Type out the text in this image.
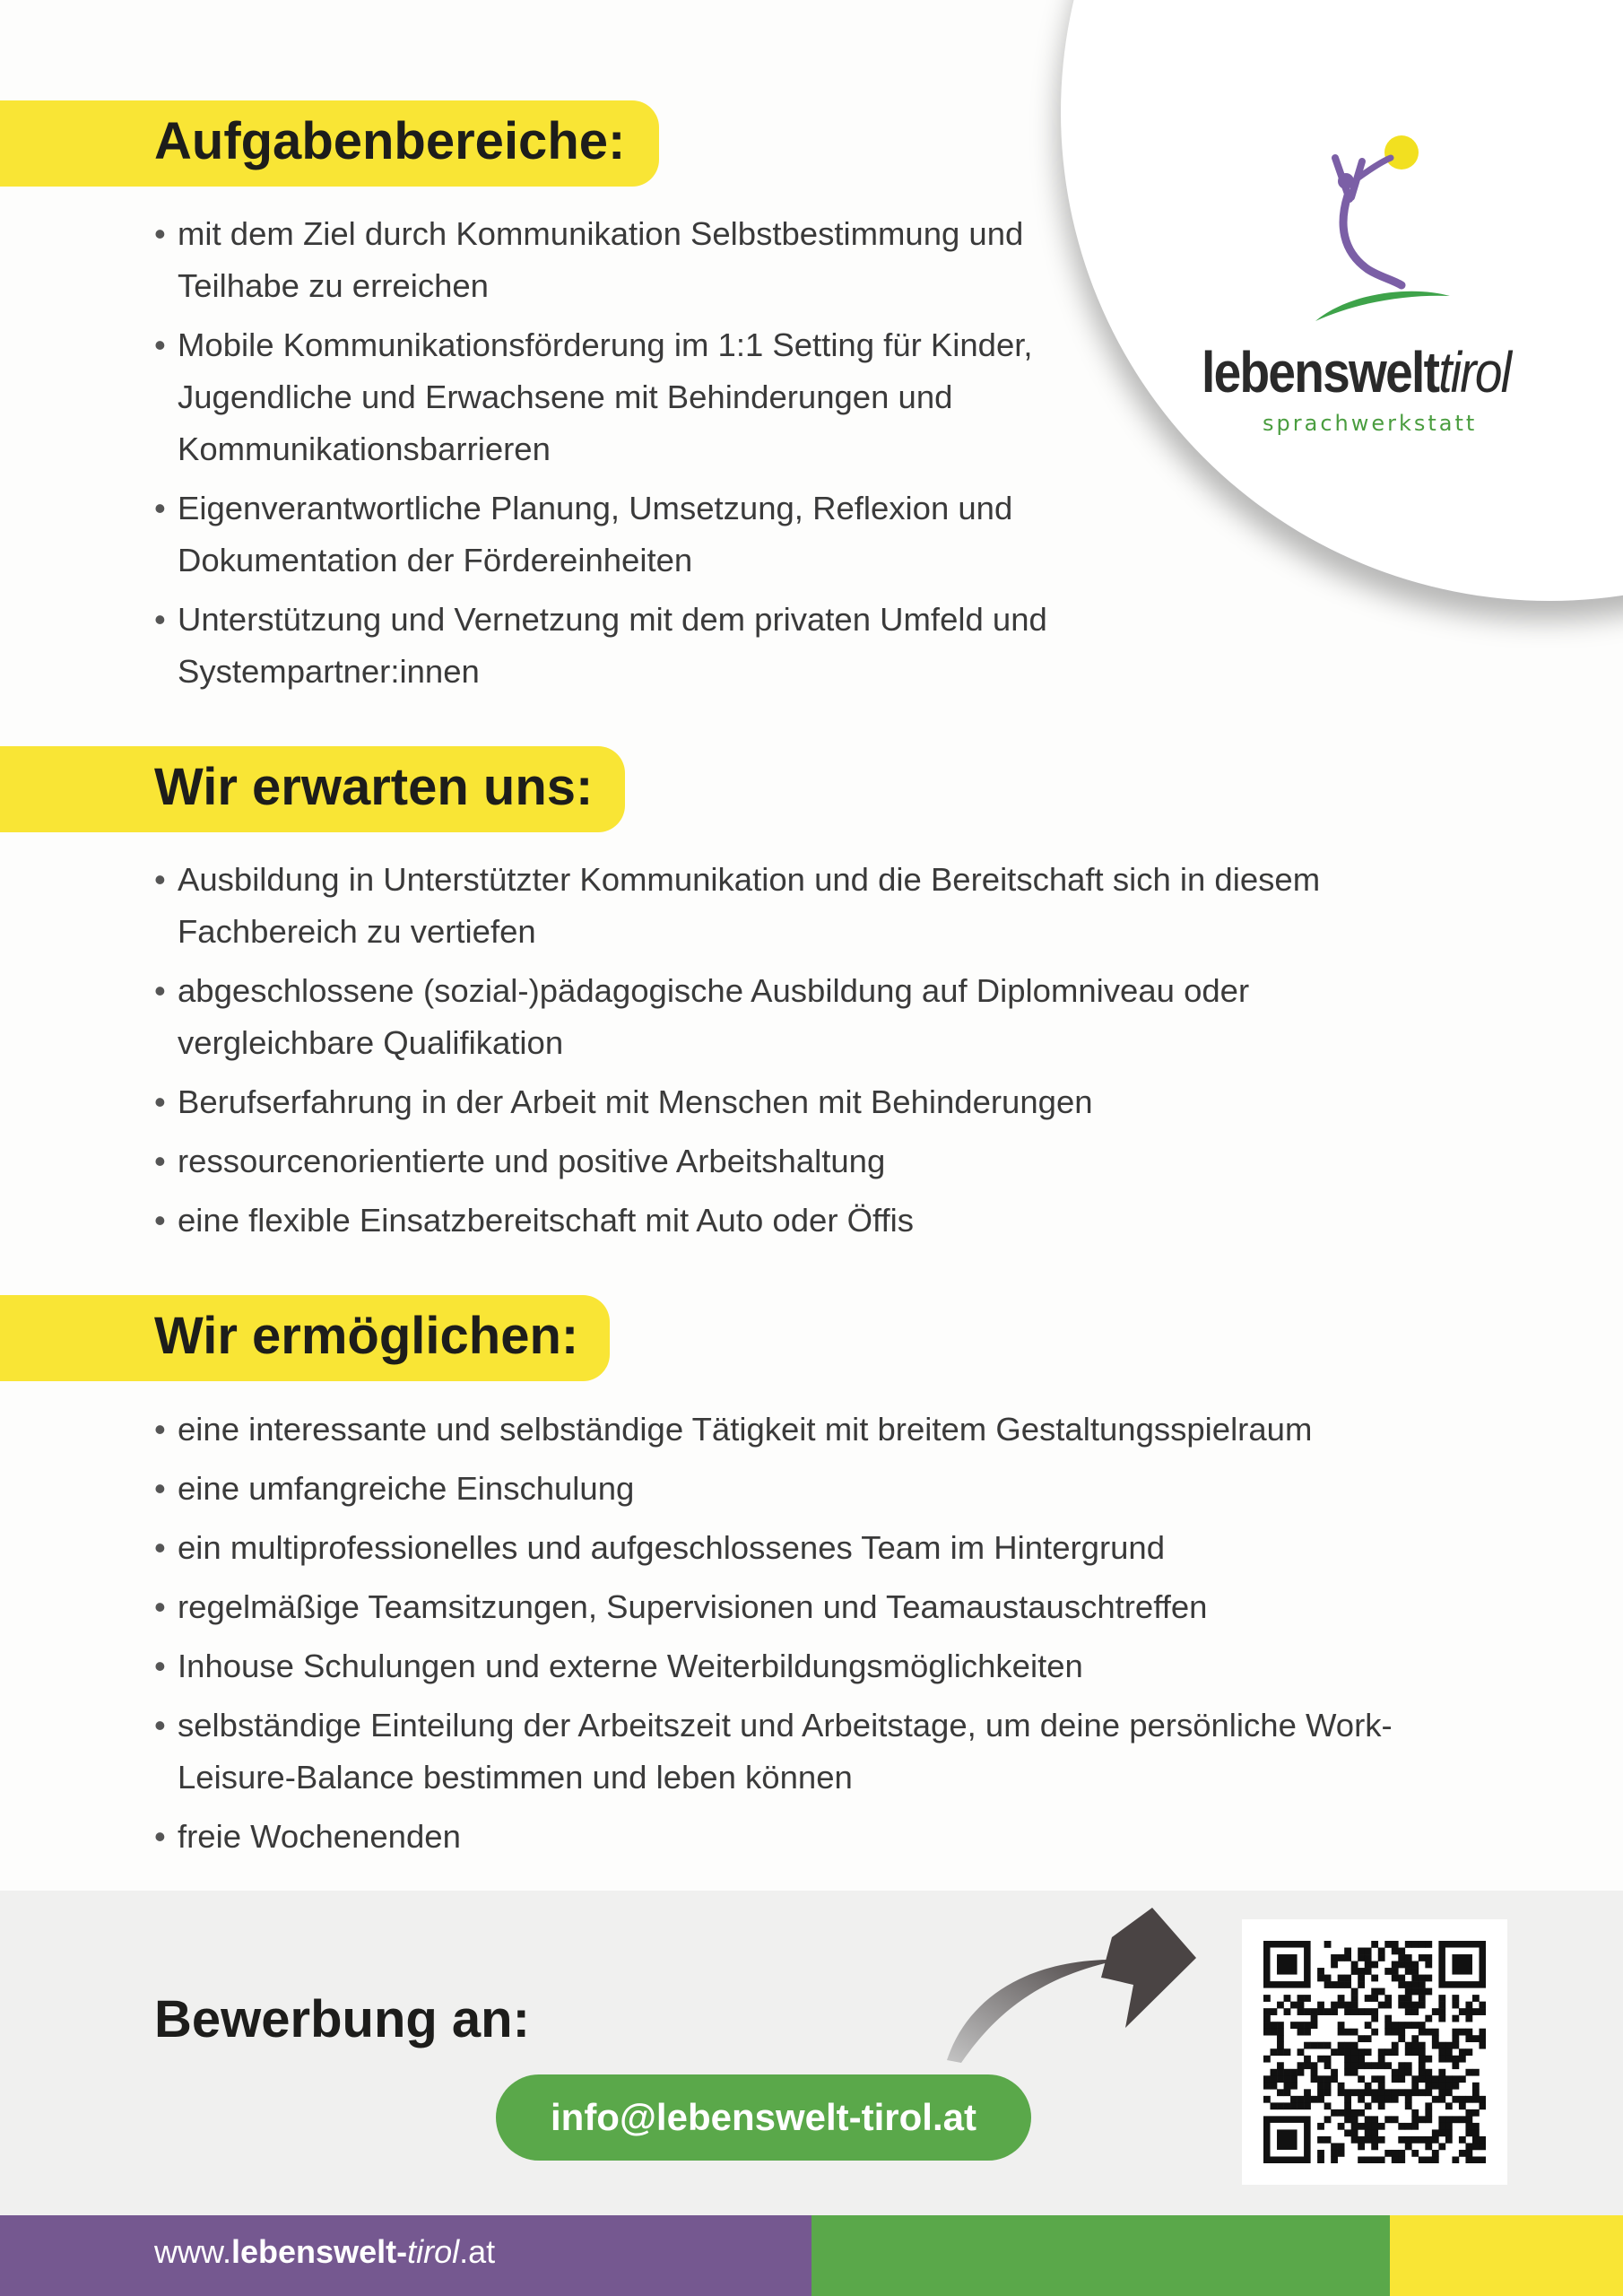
lebenswelttirol
sprachwerkstatt
Aufgabenbereiche:
• mit dem Ziel durch Kommunikation Selbstbestimmung und
Teilhabe zu erreichen
• Mobile Kommunikationsförderung im 1:1 Setting für Kinder,
Jugendliche und Erwachsene mit Behinderungen und
Kommunikationsbarrieren
• Eigenverantwortliche Planung, Umsetzung, Reflexion und
Dokumentation der Fördereinheiten
• Unterstützung und Vernetzung mit dem privaten Umfeld und
Systempartner:innen
Wir erwarten uns:
• Ausbildung in Unterstützter Kommunikation und die Bereitschaft sich in diesem
Fachbereich zu vertiefen
• abgeschlossene (sozial-)pädagogische Ausbildung auf Diplomniveau oder
vergleichbare Qualifikation
• Berufserfahrung in der Arbeit mit Menschen mit Behinderungen
• ressourcenorientierte und positive Arbeitshaltung
• eine flexible Einsatzbereitschaft mit Auto oder Öffis
Wir ermöglichen:
• eine interessante und selbständige Tätigkeit mit breitem Gestaltungsspielraum
• eine umfangreiche Einschulung
• ein multiprofessionelles und aufgeschlossenes Team im Hintergrund
• regelmäßige Teamsitzungen, Supervisionen und Teamaustauschtreffen
• Inhouse Schulungen und externe Weiterbildungsmöglichkeiten
• selbständige Einteilung der Arbeitszeit und Arbeitstage, um deine persönliche Work-
Leisure-Balance bestimmen und leben können
• freie Wochenenden
Bewerbung an:
info@lebenswelt-tirol.at
www.lebenswelt-tirol.at
